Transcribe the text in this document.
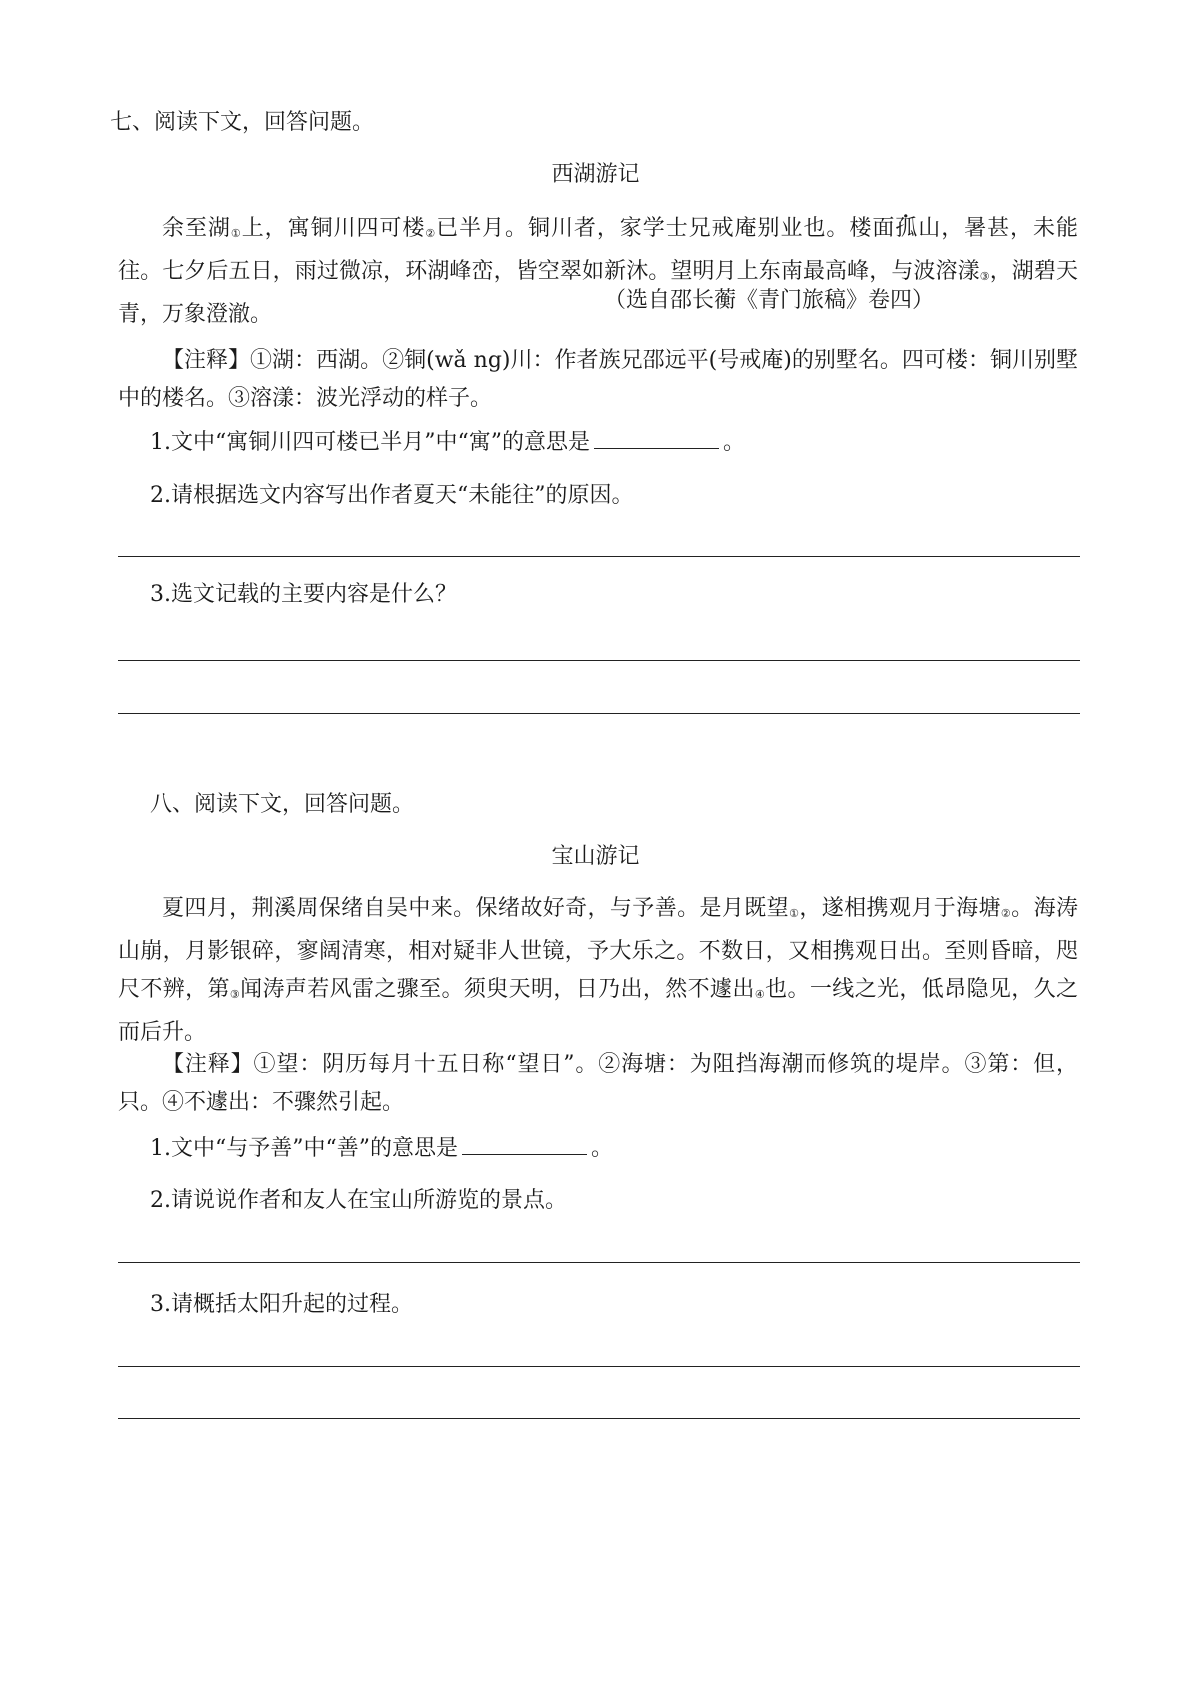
七、阅读下文，回答问题。
西湖游记
余至湖①上，寓铜川四可楼②已半月。铜川者，家学士兄戒庵别业也。楼面孤山，暑甚，未能往。七夕后五日，雨过微凉，环湖峰峦，皆空翠如新沐。望明月上东南最高峰，与波溶漾③，湖碧天青，万象澄澈。
（选自邵长蘅《青门旅稿》卷四）
【注释】①湖：西湖。②铜(wǎ ng)川：作者族兄邵远平(号戒庵)的别墅名。四可楼：铜川别墅中的楼名。③溶漾：波光浮动的样子。
1.文中“寓铜川四可楼已半月”中“寓”的意思是	。
2.请根据选文内容写出作者夏天“未能往”的原因。
3.选文记载的主要内容是什么？
八、阅读下文，回答问题。
宝山游记
夏四月，荆溪周保绪自吴中来。保绪故好奇，与予善。是月既望①，遂相携观月于海塘②。海涛山崩，月影银碎，寥阔清寒，相对疑非人世镜，予大乐之。不数日，又相携观日出。至则昏暗，咫尺不辨，第③闻涛声若风雷之骤至。须臾天明，日乃出，然不遽出④也。一线之光，低昂隐见，久之而后升。
【注释】①望：阴历每月十五日称“望日”。②海塘：为阻挡海潮而修筑的堤岸。③第：但，只。④不遽出：不骤然引起。
1.文中“与予善”中“善”的意思是	。
2.请说说作者和友人在宝山所游览的景点。
3.请概括太阳升起的过程。
